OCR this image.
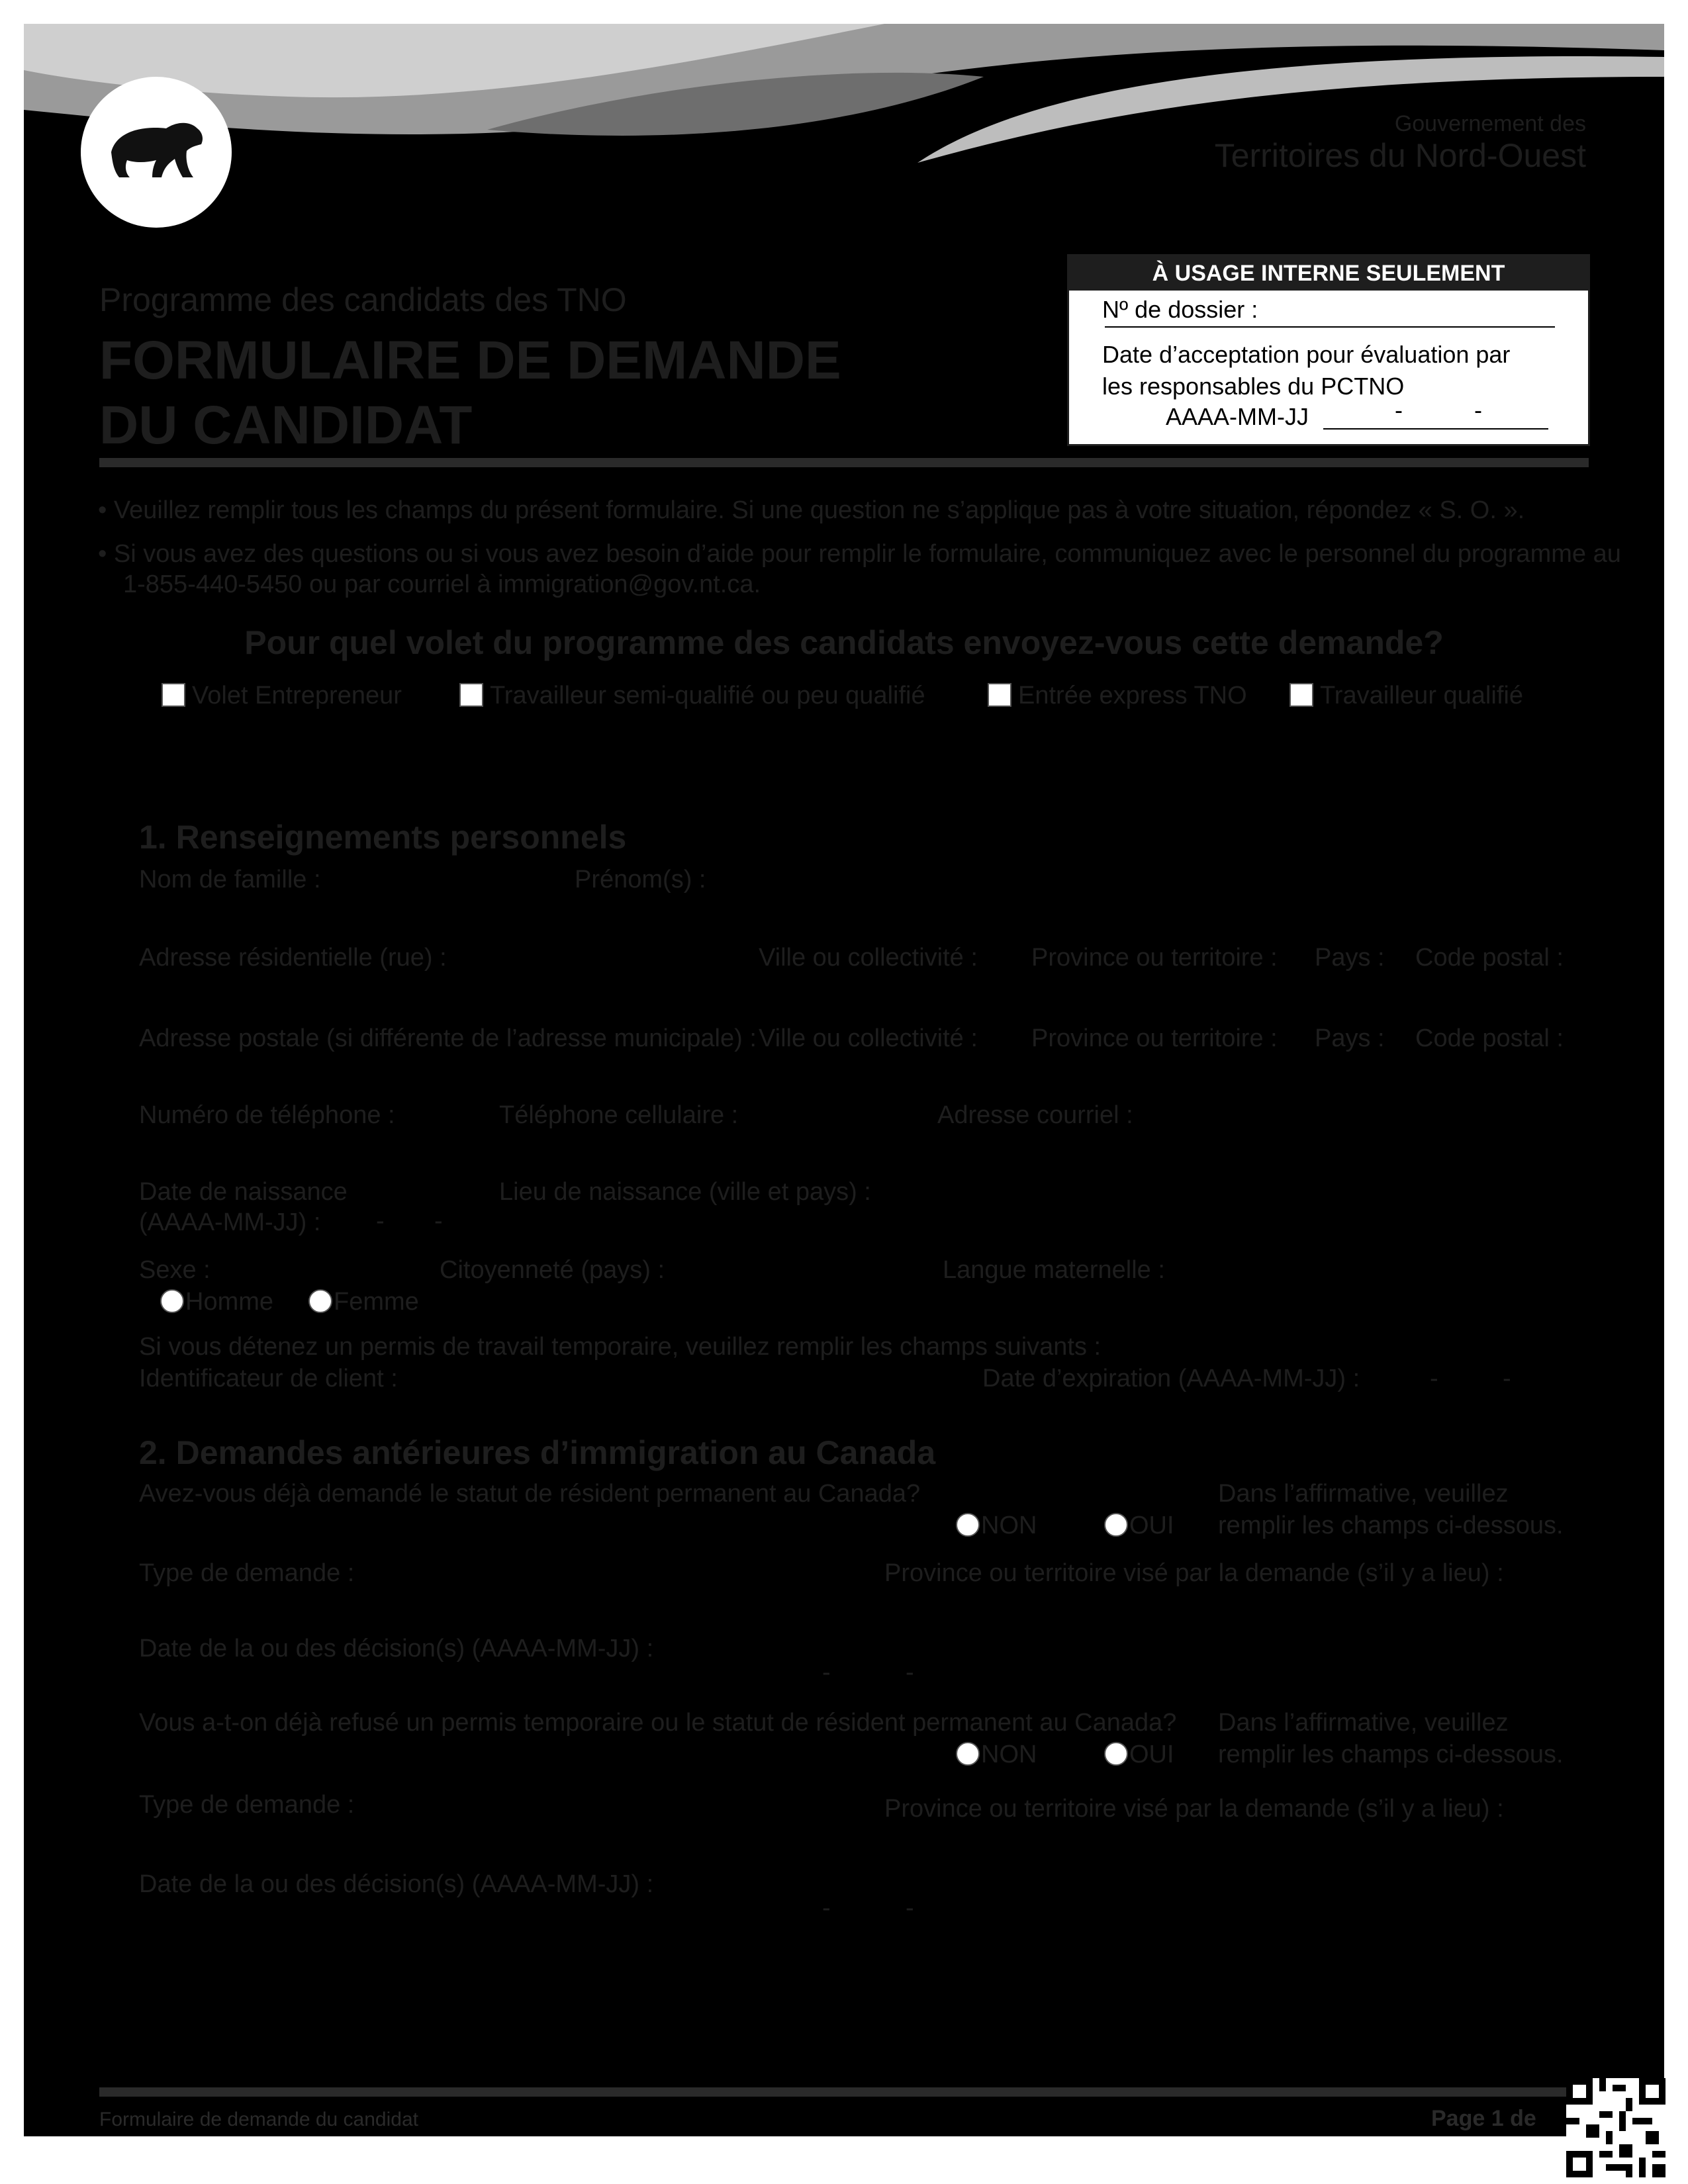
Gouvernement des
Territoires du Nord-Ouest
Programme des candidats des TNO
FORMULAIRE DE DEMANDE
DU CANDIDAT
À USAGE INTERNE SEULEMENT
Nº de dossier :
Date d’acceptation pour évaluation par
les responsables du PCTNO
AAAA-MM-JJ	-	-
• Veuillez remplir tous les champs du présent formulaire. Si une question ne s’applique pas à votre situation, répondez « S. O. ».
• Si vous avez des questions ou si vous avez besoin d’aide pour remplir le formulaire, communiquez avec le personnel du programme au
1-855-440-5450 ou par courriel à immigration@gov.nt.ca.
Pour quel volet du programme des candidats envoyez-vous cette demande?
Volet Entrepreneur	Travailleur semi-qualifié ou peu qualifié	Entrée express TNO	Travailleur qualifié
1. Renseignements personnels
Nom de famille :	Prénom(s) :
Adresse résidentielle (rue) :	Ville ou collectivité : Province ou territoire : Pays : Code postal :
Adresse postale (si différente de l’adresse municipale) : Ville ou collectivité : Province ou territoire : Pays : Code postal :
Numéro de téléphone :	Téléphone cellulaire :	Adresse courriel :
Date de naissance
(AAAA-MM-JJ) : - -
Lieu de naissance (ville et pays) :
Sexe :	Citoyenneté (pays) :	Langue maternelle :
Homme Femme
Si vous détenez un permis de travail temporaire, veuillez remplir les champs suivants :
Identificateur de client :	Date d’expiration (AAAA-MM-JJ) :	-	-
2. Demandes antérieures d’immigration au Canada
Avez-vous déjà demandé le statut de résident permanent au Canada?	Dans l’affirmative, veuillez
remplir les champs ci-dessous.
NON	OUI
Type de demande :	Province ou territoire visé par la demande (s’il y a lieu) :
Date de la ou des décision(s) (AAAA-MM-JJ) :
-	-
Vous a-t-on déjà refusé un permis temporaire ou le statut de résident permanent au Canada? Dans l’affirmative, veuillez
remplir les champs ci-dessous.
NON	OUI
Type de demande :	Province ou territoire visé par la demande (s’il y a lieu) :
Date de la ou des décision(s) (AAAA-MM-JJ) :
-	-
Formulaire de demande du candidat	Page 1 de
